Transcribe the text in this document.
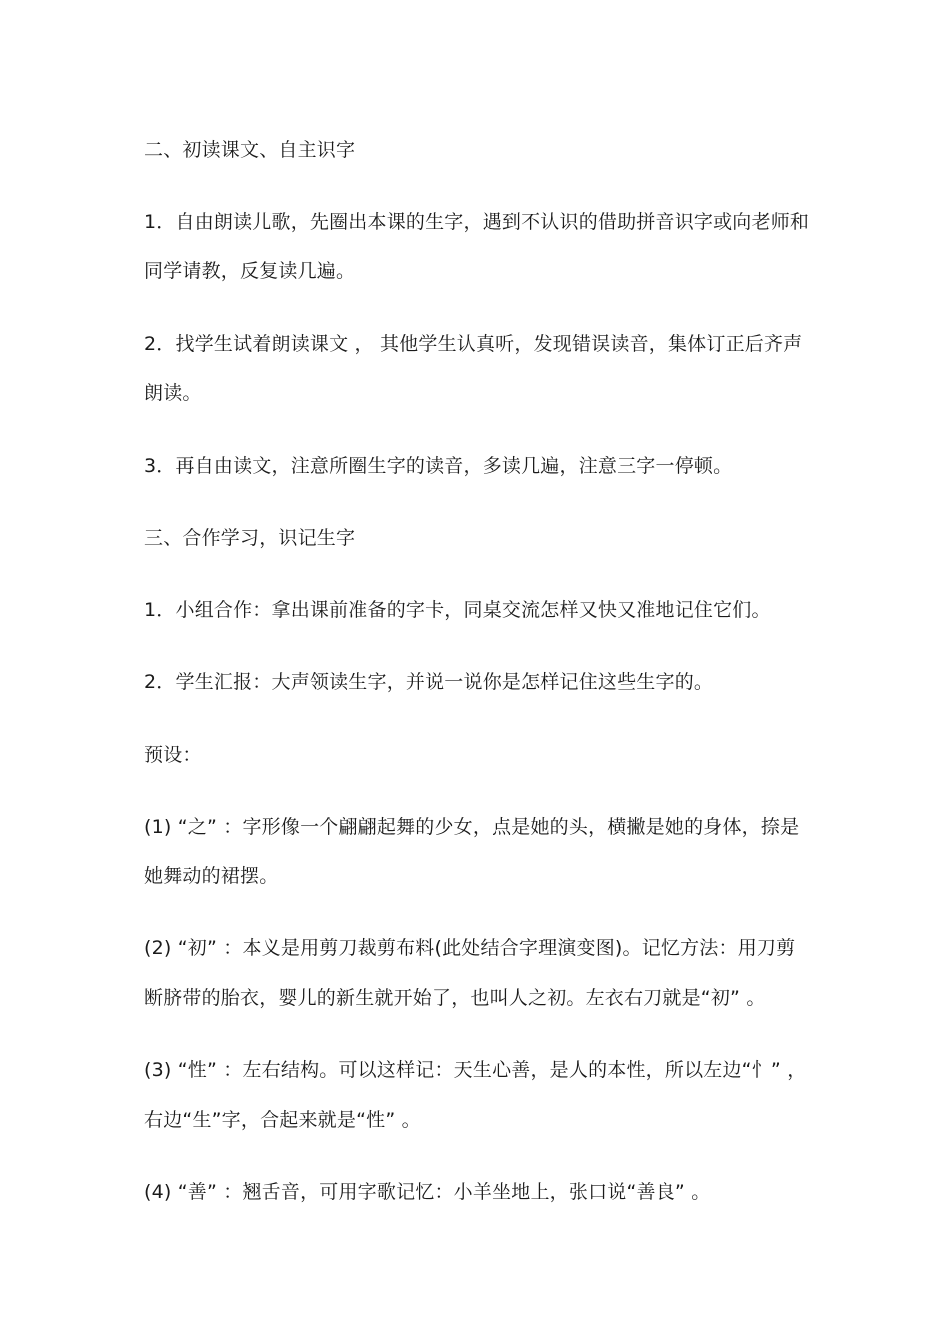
二、初读课文、自主识字
1．自由朗读儿歌，先圈出本课的生字，遇到不认识的借助拼音识字或向老师和
同学请教，反复读几遍。
2．找学生试着朗读课文 ， 其他学生认真听，发现错误读音，集体订正后齐声
朗读。
3．再自由读文，注意所圈生字的读音，多读几遍，注意三字一停顿。
三、合作学习，识记生字
1．小组合作：拿出课前准备的字卡，同桌交流怎样又快又准地记住它们。
2．学生汇报：大声领读生字，并说一说你是怎样记住这些生字的。
预设：
(1) “之” ：字形像一个翩翩起舞的少女，点是她的头，横撇是她的身体，捺是
她舞动的裙摆。
(2) “初” ：本义是用剪刀裁剪布料(此处结合字理演变图)。记忆方法：用刀剪
断脐带的胎衣，婴儿的新生就开始了，也叫人之初。左衣右刀就是“初” 。
(3) “性” ：左右结构。可以这样记：天生心善，是人的本性，所以左边“忄” ，
右边“生”字，合起来就是“性” 。
(4) “善” ：翘舌音，可用字歌记忆：小羊坐地上，张口说“善良” 。
